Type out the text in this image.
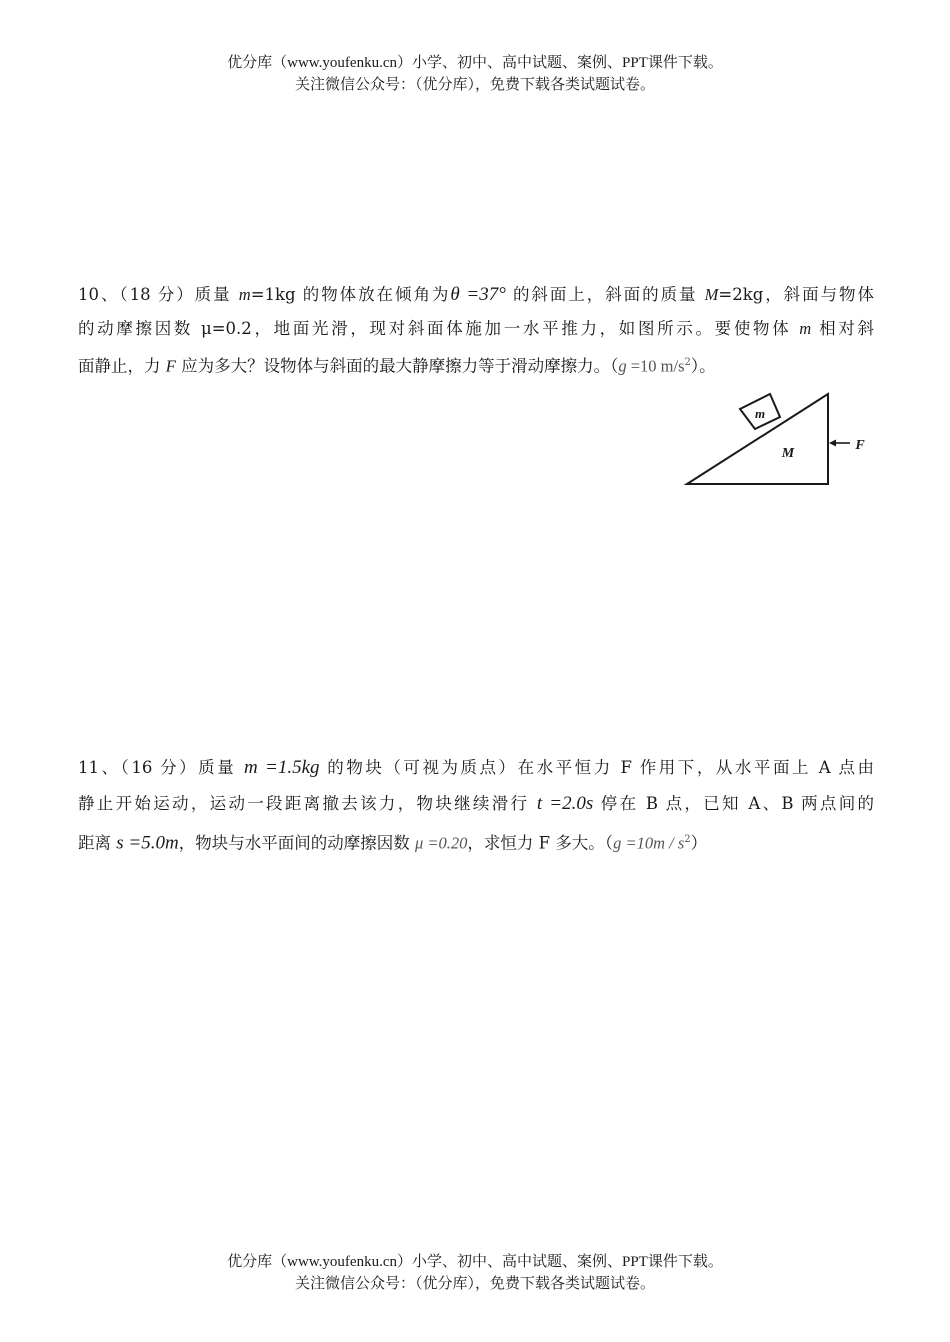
优分库（www.youfenku.cn）小学、初中、高中试题、案例、PPT课件下载。
关注微信公众号：（优分库），免费下载各类试题试卷。
10、（18 分）质量 m=1kg 的物体放在倾角为θ =37° 的斜面上，斜面的质量 M=2kg，斜面与物体
的动摩擦因数 μ=0.2，地面光滑，现对斜面体施加一水平推力，如图所示。要使物体 m 相对斜
面静止，力 F 应为多大？设物体与斜面的最大静摩擦力等于滑动摩擦力。（g =10 $m/s^2$）。
m
M
F
11、（16 分）质量 m =1.5kg 的物块（可视为质点）在水平恒力 F 作用下，从水平面上 A 点由
静止开始运动，运动一段距离撤去该力，物块继续滑行 t =2.0s 停在 B 点，已知 A、B 两点间的
距离 s =5.0m，物块与水平面间的动摩擦因数 μ =0.20，求恒力 F 多大。$(g =10m / s^2)$
优分库（www.youfenku.cn）小学、初中、高中试题、案例、PPT课件下载。
关注微信公众号：（优分库），免费下载各类试题试卷。
